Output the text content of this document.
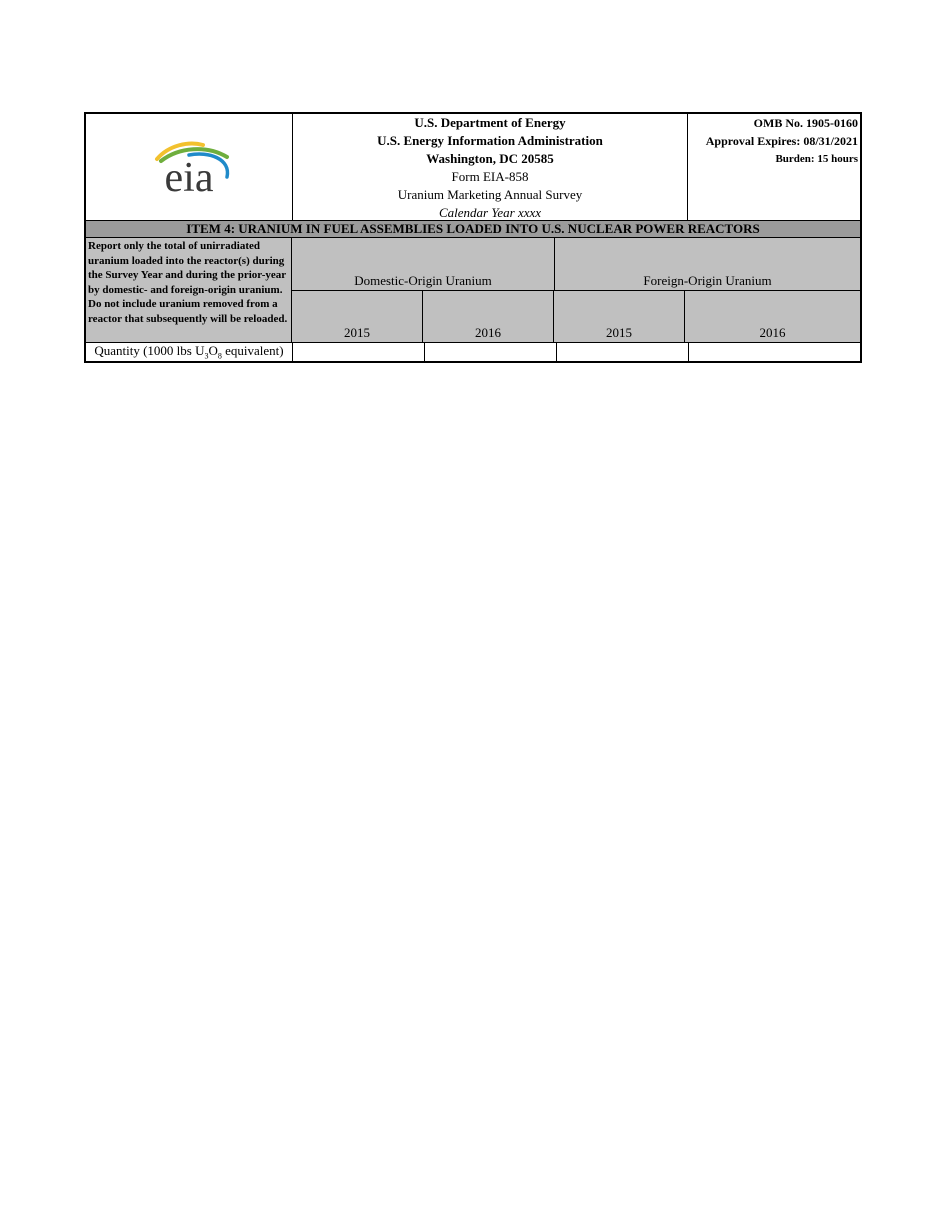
eia
U.S. Department of Energy
U.S. Energy Information Administration
Washington, DC 20585
Form EIA-858
Uranium Marketing Annual Survey
Calendar Year xxxx
OMB No. 1905-0160
Approval Expires: 08/31/2021
Burden: 15 hours
ITEM 4: URANIUM IN FUEL ASSEMBLIES LOADED INTO U.S. NUCLEAR POWER REACTORS
Report only the total of unirradiated uranium loaded into the reactor(s) during the Survey Year and during the prior-year by domestic- and foreign-origin uranium. Do not include uranium removed from a reactor that subsequently will be reloaded.
Domestic-Origin Uranium	Foreign-Origin Uranium
2015	2016	2015	2016
Quantity (1000 lbs $U_3O_8$ equivalent)
